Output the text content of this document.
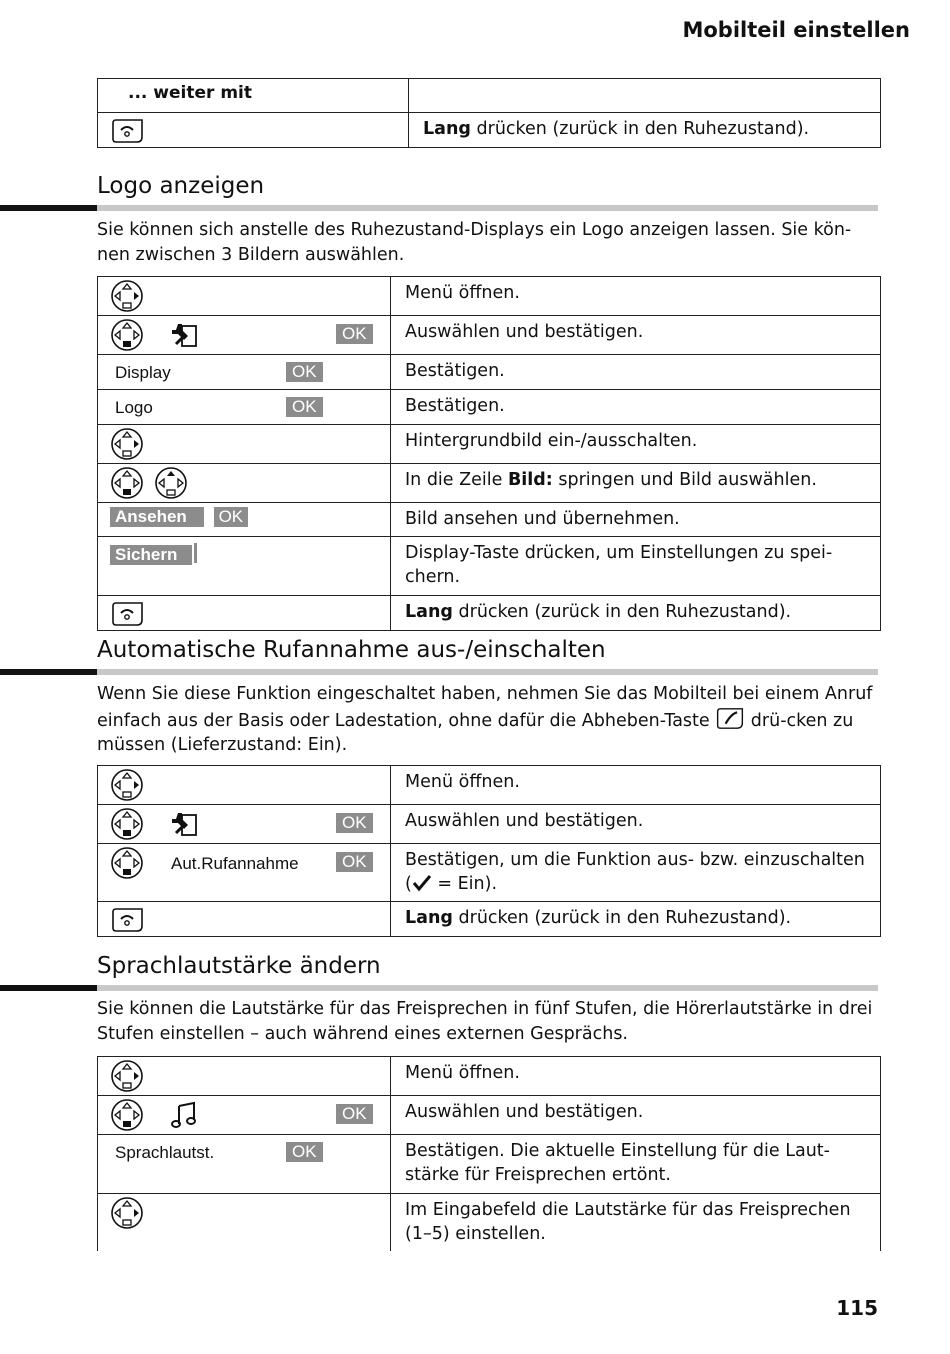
Mobilteil einstellen
... weiter mit	
	Lang drücken (zurück in den Ruhezustand).
Logo anzeigen
Sie können sich anstelle des Ruhezustand-Displays ein Logo anzeigen lassen. Sie kön-nen zwischen 3 Bildern auswählen.
	Menü öffnen.

OK	Auswählen und bestätigen.

Display OK	Bestätigen.

Logo OK	Bestätigen.
	Hintergrundbild ein-/ausschalten.
	In die Zeile Bild: springen und Bild auswählen.
Ansehen OK	Bild ansehen und übernehmen.
Sichern	Display-Taste drücken, um Einstellungen zu spei-chern.
	Lang drücken (zurück in den Ruhezustand).
Automatische Rufannahme aus-/einschalten
Wenn Sie diese Funktion eingeschaltet haben, nehmen Sie das Mobilteil bei einem Anruf einfach aus der Basis oder Ladestation, ohne dafür die Abheben-Taste  drü-cken zu müssen (Lieferzustand: Ein).
	Menü öffnen.

OK	Auswählen und bestätigen.

Aut.Rufannahme OK	Bestätigen, um die Funktion aus- bzw. einzuschalten ( = Ein).
	Lang drücken (zurück in den Ruhezustand).
Sprachlautstärke ändern
Sie können die Lautstärke für das Freisprechen in fünf Stufen, die Hörerlautstärke in drei Stufen einstellen – auch während eines externen Gesprächs.
	Menü öffnen.

OK	Auswählen und bestätigen.

Sprachlautst. OK	Bestätigen. Die aktuelle Einstellung für die Laut-stärke für Freisprechen ertönt.
	Im Eingabefeld die Lautstärke für das Freisprechen (1–5) einstellen.
115
